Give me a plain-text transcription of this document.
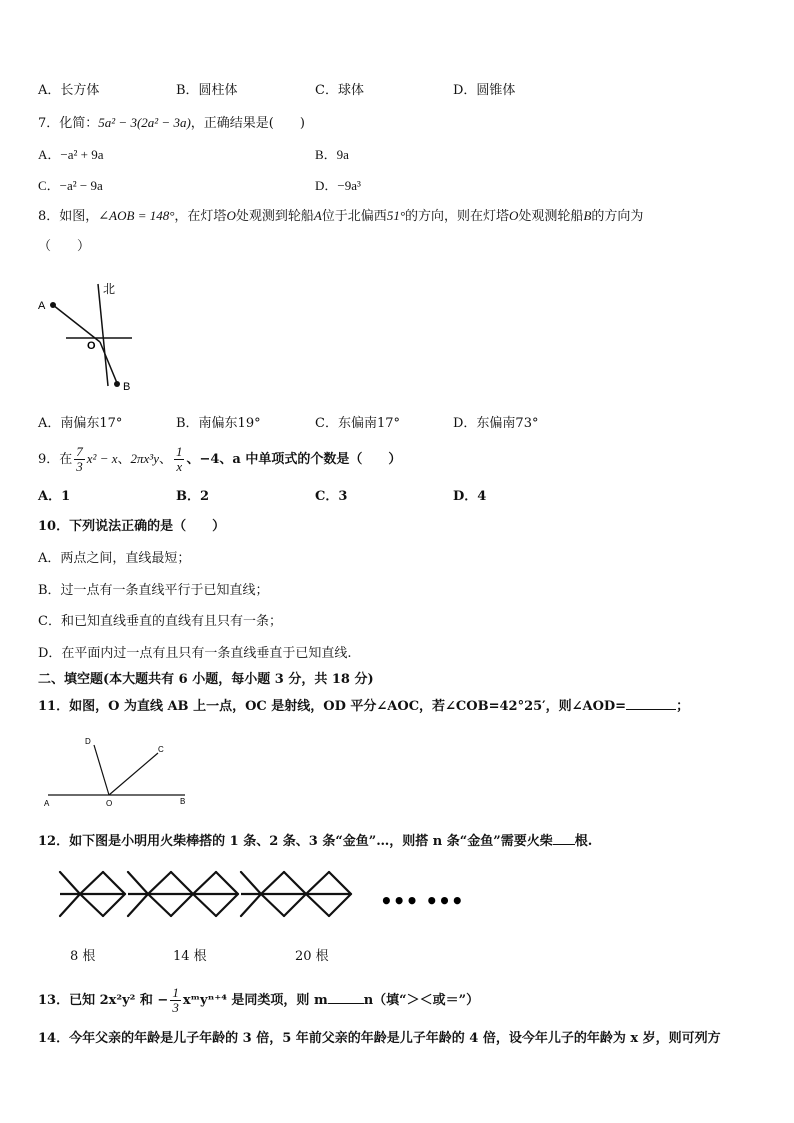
A．长方体	B．圆柱体	C．球体	D．圆锥体
7．化简：5a² − 3(2a² − 3a)，正确结果是(　　)
A．−a² + 9a	B．9a
C．−a² − 9a	D．−9a³
8．如图，∠AOB = 148°，在灯塔O处观测到轮船A位于北偏西51°的方向，则在灯塔O处观测轮船B的方向为
（　　）
北
A
O
B
A．南偏东17°	B．南偏东19°	C．东偏南17°	D．东偏南73°
9．在 $\frac{7}{3} x^2 - x$、2πx³y、 $\frac{1}{x}$ 、−4、a 中单项式的个数是（　　）
A．1	B．2	C．3	D．4
10．下列说法正确的是（　　）
A．两点之间，直线最短；
B．过一点有一条直线平行于已知直线；
C．和已知直线垂直的直线有且只有一条；
D．在平面内过一点有且只有一条直线垂直于已知直线.
二、填空题(本大题共有 6 小题，每小题 3 分，共 18 分)
11．如图，O 为直线 AB 上一点，OC 是射线，OD 平分∠AOC，若∠COB=42°25′，则∠AOD=	；
A	O	B
C
D
12．如下图是小明用火柴棒搭的 1 条、2 条、3 条“金鱼”…，则搭 n 条“金鱼”需要火柴 根.
••• •••
8 根	14 根	20 根
13．已知 2x²y² 和 − $\frac{1}{3}$ xᵐyⁿ⁺⁴ 是同类项，则 m	n（填“＞＜或＝”）
14．今年父亲的年龄是儿子年龄的 3 倍，5 年前父亲的年龄是儿子年龄的 4 倍，设今年儿子的年龄为 x 岁，则可列方
